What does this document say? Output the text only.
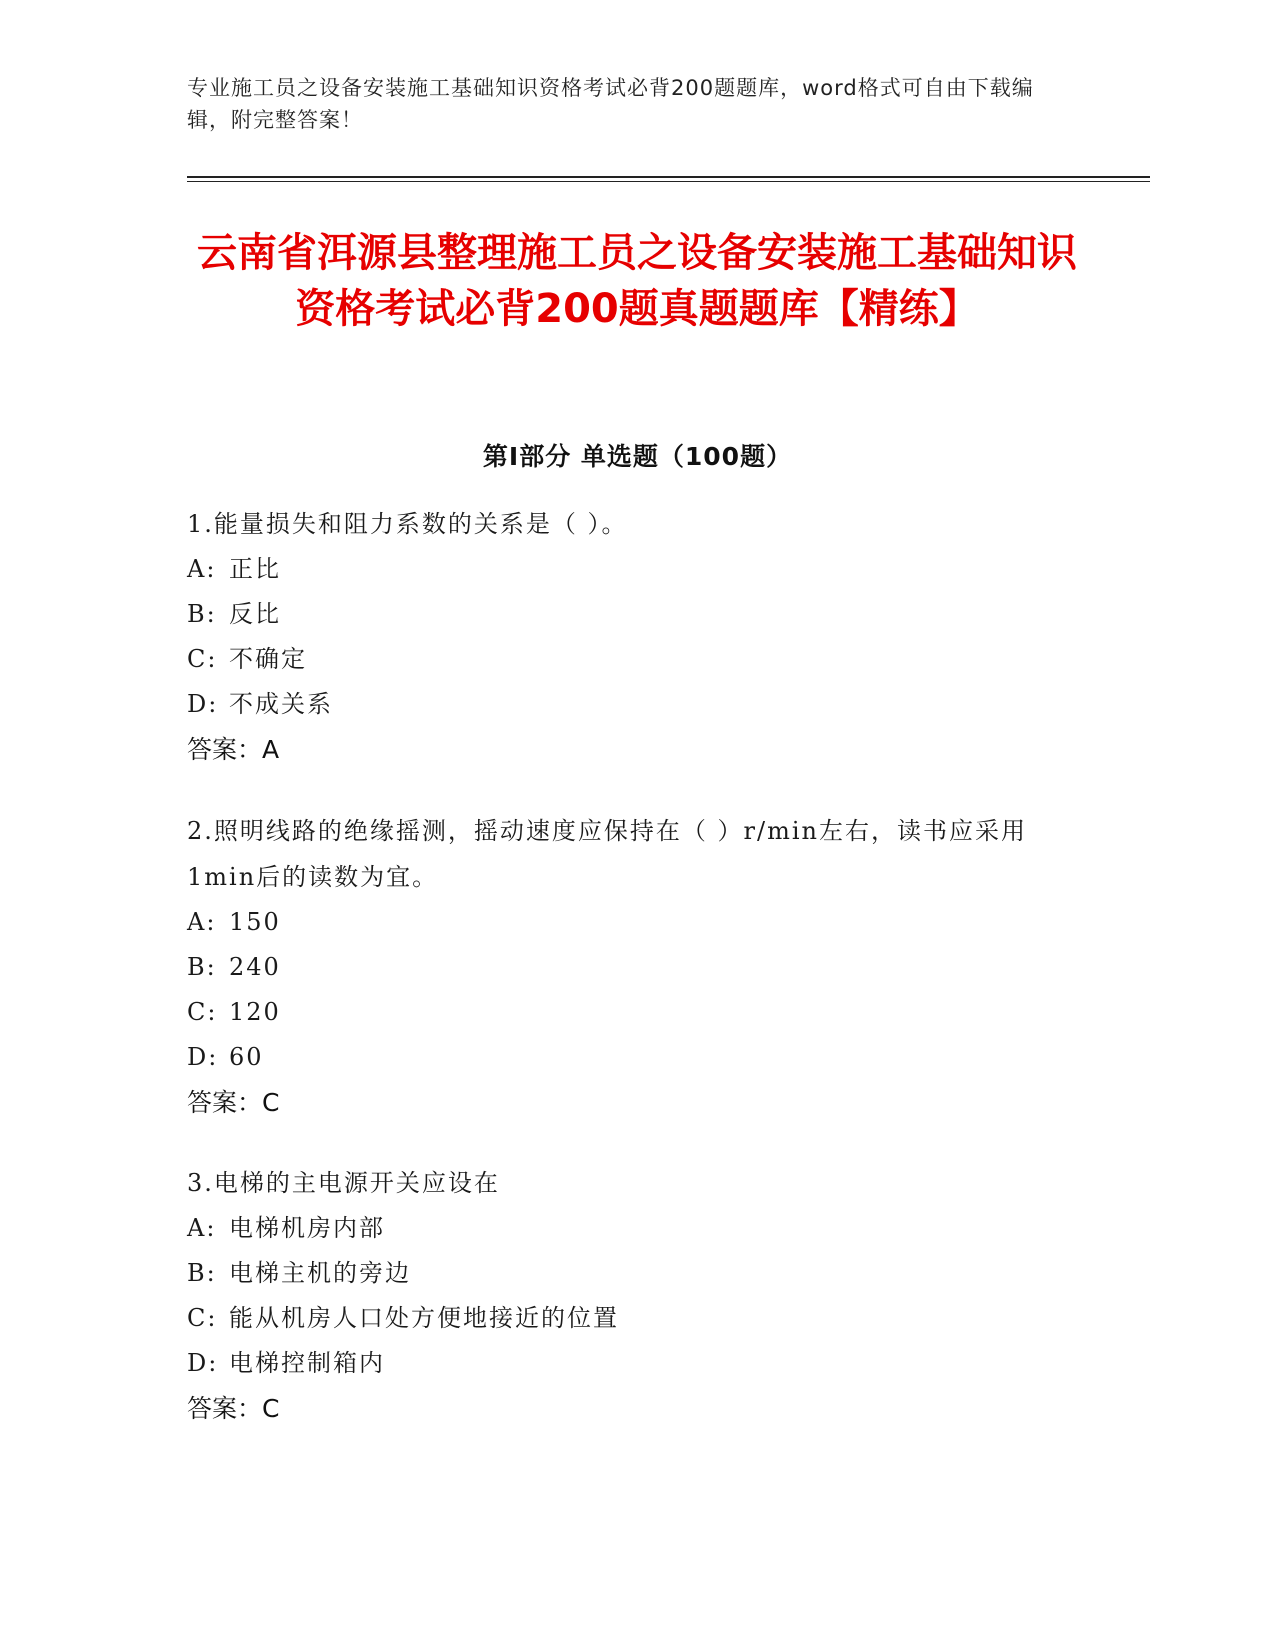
专业施工员之设备安装施工基础知识资格考试必背200题题库，word格式可自由下载编辑，附完整答案！
云南省洱源县整理施工员之设备安装施工基础知识资格考试必背200题真题题库【精练】
第I部分 单选题（100题）
1.能量损失和阻力系数的关系是（ ）。
A: 正比
B: 反比
C: 不确定
D: 不成关系
答案：A
2.照明线路的绝缘摇测，摇动速度应保持在（ ）r/min左右，读书应采用1min后的读数为宜。
A: 150
B: 240
C: 120
D: 60
答案：C
3.电梯的主电源开关应设在
A: 电梯机房内部
B: 电梯主机的旁边
C: 能从机房人口处方便地接近的位置
D: 电梯控制箱内
答案：C
